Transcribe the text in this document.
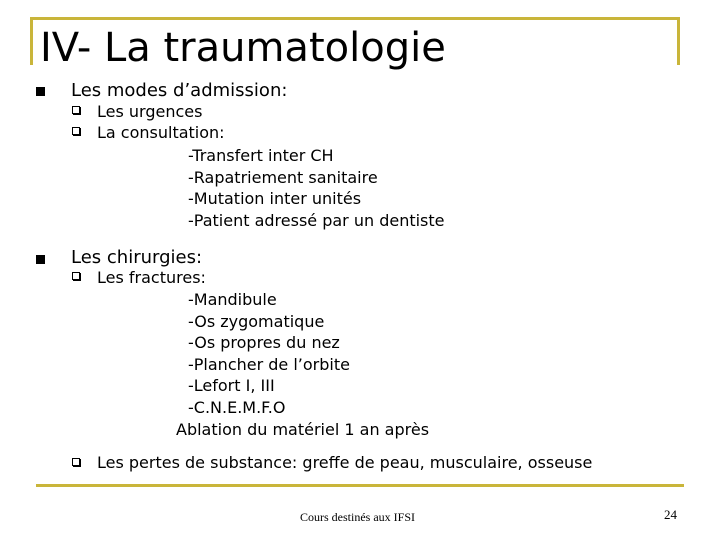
IV- La traumatologie
Les modes d’admission:
Les urgences
La consultation:
-Transfert inter CH
-Rapatriement sanitaire
-Mutation inter unités
-Patient adressé par un dentiste
Les chirurgies:
Les fractures:
-Mandibule
-Os zygomatique
-Os propres du nez
-Plancher de l’orbite
-Lefort I, III
-C.N.E.M.F.O
Ablation du matériel 1 an après
Les pertes de substance: greffe de peau, musculaire, osseuse
Cours destinés aux IFSI	24
